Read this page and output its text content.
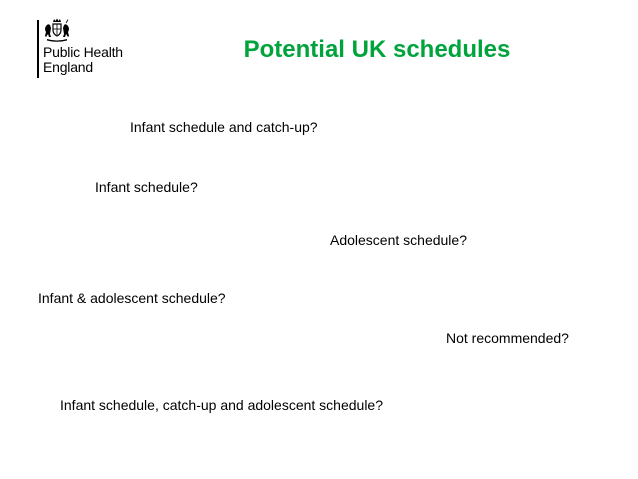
Public Health
England
Potential UK schedules
Infant schedule and catch-up?
Infant schedule?
Adolescent schedule?
Infant & adolescent schedule?
Not recommended?
Infant schedule, catch-up and adolescent schedule?
